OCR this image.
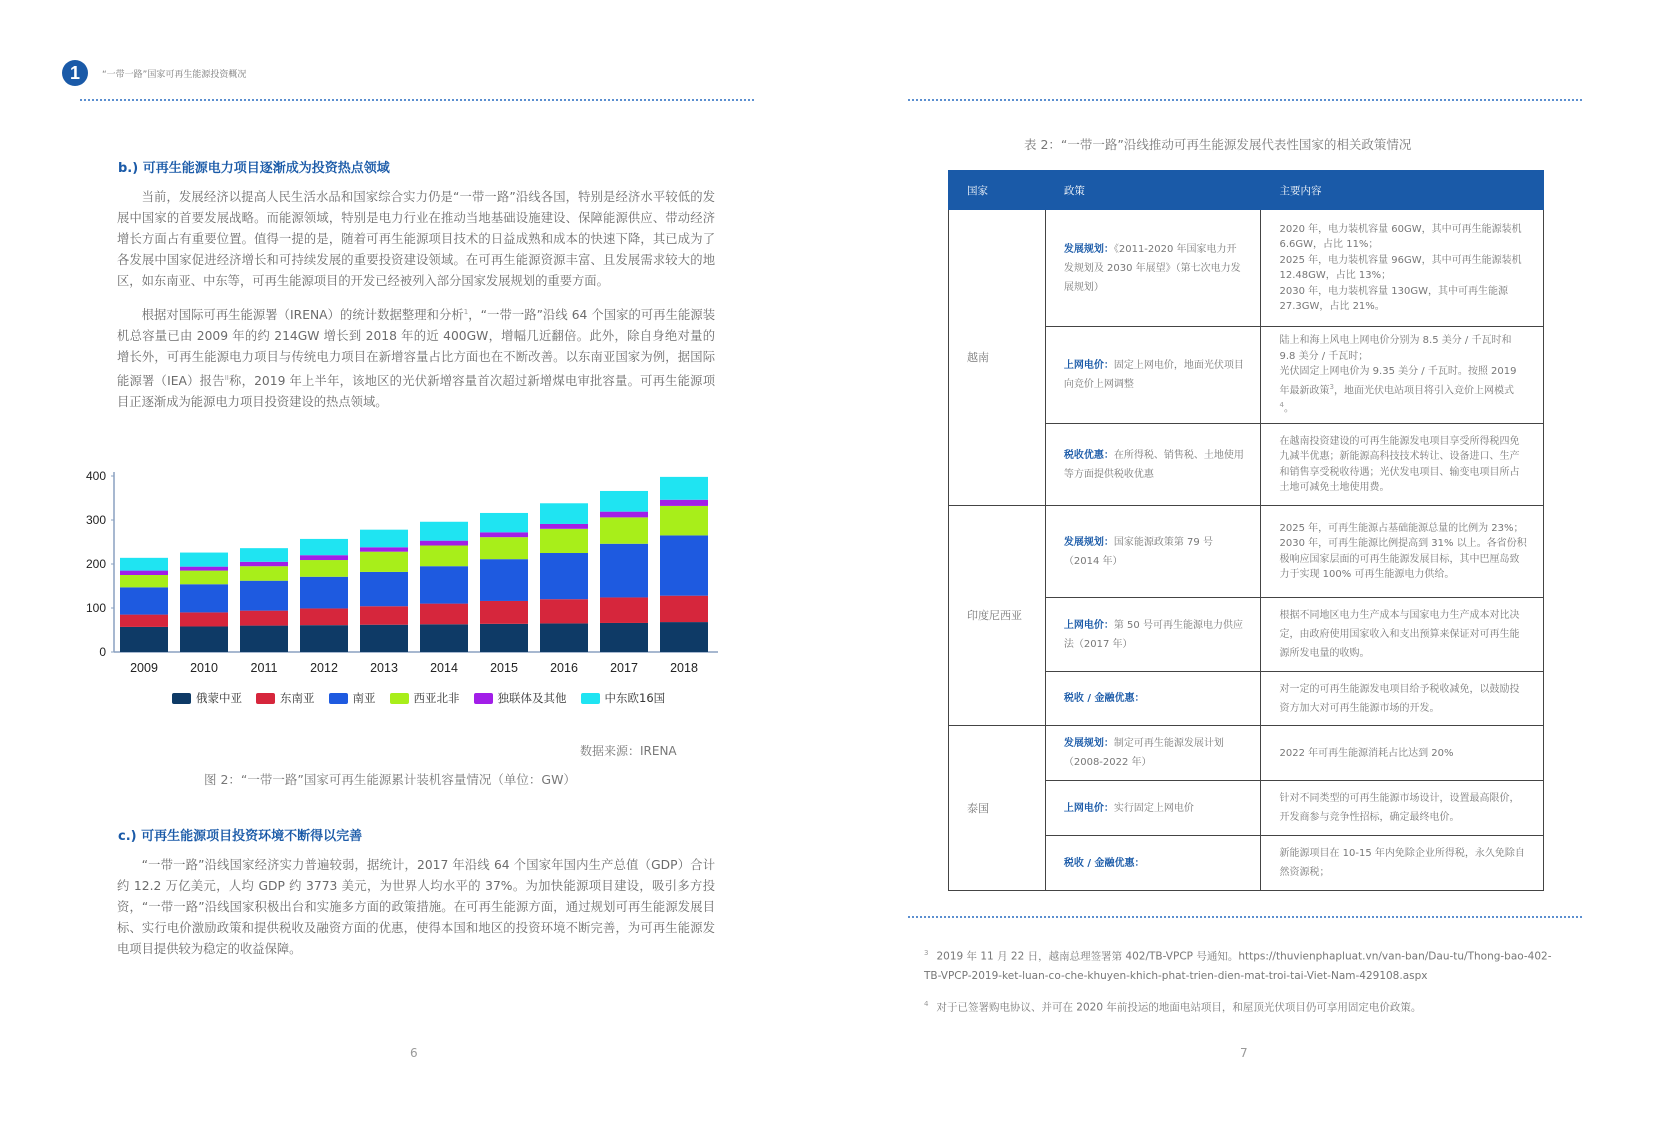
1	“一带一路”国家可再生能源投资概况
b.) 可再生能源电力项目逐渐成为投资热点领域

当前，发展经济以提高人民生活水品和国家综合实力仍是“一带一路”沿线各国，特别是经济水平较低的发展中国家的首要发展战略。而能源领域，特别是电力行业在推动当地基础设施建设、保障能源供应、带动经济增长方面占有重要位置。值得一提的是，随着可再生能源项目技术的日益成熟和成本的快速下降，其已成为了各发展中国家促进经济增长和可持续发展的重要投资建设领域。在可再生能源资源丰富、且发展需求较大的地区，如东南亚、中东等，可再生能源项目的开发已经被列入部分国家发展规划的重要方面。

根据对国际可再生能源署（IRENA）的统计数据整理和分析$^1$，“一带一路”沿线 64 个国家的可再生能源装机总容量已由 2009 年的约 214GW 增长到 2018 年的近 400GW，增幅几近翻倍。此外，除自身绝对量的增长外，可再生能源电力项目与传统电力项目在新增容量占比方面也在不断改善。以东南亚国家为例，据国际能源署（IEA）报告$^{II}$称，2019 年上半年，该地区的光伏新增容量首次超过新增煤电审批容量。可再生能源项目正逐渐成为能源电力项目投资建设的热点领域。

0
100
200
300
400
2009	2010	2011	2012	2013	2014	2015	2016	2017	2018
俄蒙中亚	东南亚	南亚	西亚北非	独联体及其他	中东欧16国
数据来源：IRENA
图 2：“一带一路”国家可再生能源累计装机容量情况（单位：GW）
c.) 可再生能源项目投资环境不断得以完善

“一带一路”沿线国家经济实力普遍较弱，据统计，2017 年沿线 64 个国家年国内生产总值（GDP）合计约 12.2 万亿美元，人均 GDP 约 3773 美元，为世界人均水平的 37%。为加快能源项目建设，吸引多方投资，“一带一路”沿线国家积极出台和实施多方面的政策措施。在可再生能源方面，通过规划可再生能源发展目标、实行电价激励政策和提供税收及融资方面的优惠，使得本国和地区的投资环境不断完善，为可再生能源发电项目提供较为稳定的收益保障。

6
表 2：“一带一路”沿线推动可再生能源发展代表性国家的相关政策情况
国家	政策	主要内容
越南	发展规划：《2011-2020 年国家电力开发规划及 2030 年展望》（第七次电力发展规划）	2020 年，电力装机容量 60GW，其中可再生能源装机 6.6GW，占比 11%；
2025 年，电力装机容量 96GW，其中可再生能源装机 12.48GW，占比 13%；
2030 年，电力装机容量 130GW，其中可再生能源 27.3GW，占比 21%。

	上网电价：固定上网电价，地面光伏项目向竞价上网调整	陆上和海上风电上网电价分别为 8.5 美分 / 千瓦时和 9.8 美分 / 千瓦时；
光伏固定上网电价为 9.35 美分 / 千瓦时。按照 2019 年最新政策$^3$，地面光伏电站项目将引入竞价上网模式$^4$。

	税收优惠：在所得税、销售税、土地使用等方面提供税收优惠	在越南投资建设的可再生能源发电项目享受所得税四免九减半优惠；新能源高科技技术转让、设备进口、生产和销售享受税收待遇；光伏发电项目、输变电项目所占土地可减免土地使用费。

印度尼西亚	发展规划：国家能源政策第 79 号（2014 年）	2025 年，可再生能源占基础能源总量的比例为 23%；2030 年，可再生能源比例提高到 31% 以上。各省份积极响应国家层面的可再生能源发展目标，其中巴厘岛致力于实现 100% 可再生能源电力供给。

	上网电价：第 50 号可再生能源电力供应法（2017 年）	根据不同地区电力生产成本与国家电力生产成本对比决定，由政府使用国家收入和支出预算来保证对可再生能源所发电量的收购。
	税收 / 金融优惠：	对一定的可再生能源发电项目给予税收减免，以鼓励投资方加大对可再生能源市场的开发。
泰国	发展规划：制定可再生能源发展计划（2008-2022 年）	2022 年可再生能源消耗占比达到 20%
	上网电价：实行固定上网电价	针对不同类型的可再生能源市场设计，设置最高限价，开发商参与竞争性招标，确定最终电价。
	税收 / 金融优惠：	新能源项目在 10-15 年内免除企业所得税，永久免除自然资源税；
$^3$ 2019 年 11 月 22 日，越南总理签署第 402/TB-VPCP 号通知。https://thuvienphapluat.vn/van-ban/Dau-tu/Thong-bao-402-TB-VPCP-2019-ket-luan-co-che-khuyen-khich-phat-trien-dien-mat-troi-tai-Viet-Nam-429108.aspx
$^4$ 对于已签署购电协议、并可在 2020 年前投运的地面电站项目，和屋顶光伏项目仍可享用固定电价政策。
7
